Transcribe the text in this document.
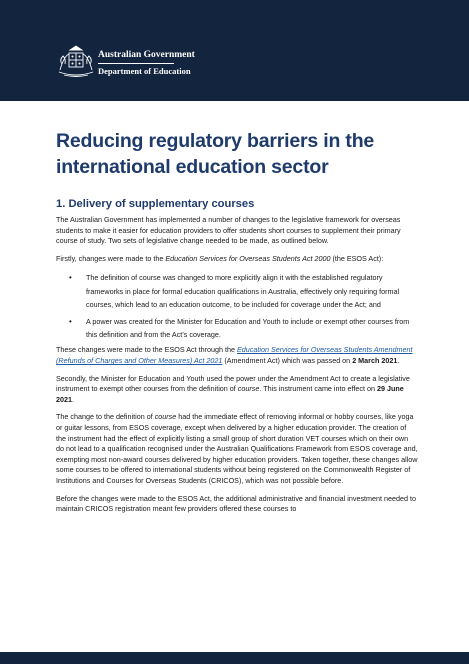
Australian Government
Department of Education
Reducing regulatory barriers in the international education sector
1. Delivery of supplementary courses

The Australian Government has implemented a number of changes to the legislative framework for overseas students to make it easier for education providers to offer students short courses to supplement their primary course of study. Two sets of legislative change needed to be made, as outlined below.

Firstly, changes were made to the Education Services for Overseas Students Act 2000 (the ESOS Act):

• The definition of course was changed to more explicitly align it with the established regulatory frameworks in place for formal education qualifications in Australia, effectively only requiring formal courses, which lead to an education outcome, to be included for coverage under the Act; and
• A power was created for the Minister for Education and Youth to include or exempt other courses from this definition and from the Act’s coverage.

These changes were made to the ESOS Act through the Education Services for Overseas Students Amendment (Refunds of Charges and Other Measures) Act 2021 (Amendment Act) which was passed on 2 March 2021.

Secondly, the Minister for Education and Youth used the power under the Amendment Act to create a legislative instrument to exempt other courses from the definition of course. This instrument came into effect on 29 June 2021.

The change to the definition of course had the immediate effect of removing informal or hobby courses, like yoga or guitar lessons, from ESOS coverage, except when delivered by a higher education provider. The creation of the instrument had the effect of explicitly listing a small group of short duration VET courses which on their own do not lead to a qualification recognised under the Australian Qualifications Framework from ESOS coverage and, exempting most non-award courses delivered by higher education providers. Taken together, these changes allow some courses to be offered to international students without being registered on the Commonwealth Register of Institutions and Courses for Overseas Students (CRICOS), which was not possible before.

Before the changes were made to the ESOS Act, the additional administrative and financial investment needed to maintain CRICOS registration meant few providers offered these courses to
